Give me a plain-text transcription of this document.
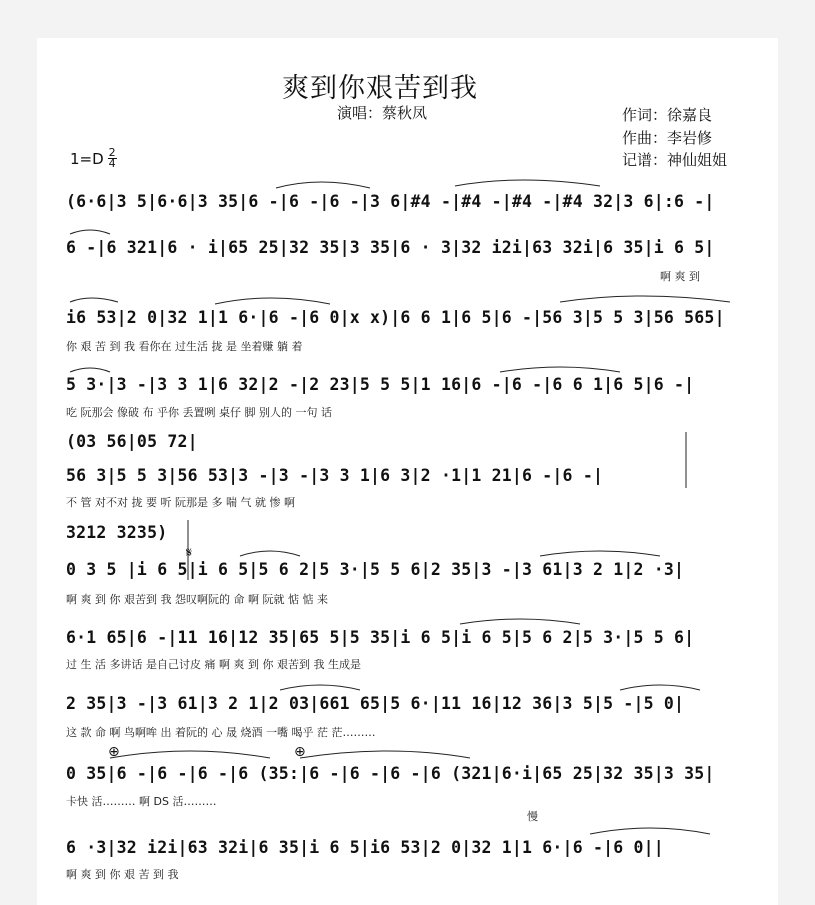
爽到你艰苦到我
演唱：蔡秋凤	作词：徐嘉良
作曲：李岩修
记谱：神仙姐姐
$1=D \frac{2}{4}$
(6·6|3 5|6·6|3 35|6 -|6 -|6 -|3 6|#4 -|#4 -|#4 -|#4 32|3 6|:6 -|
6 -|6 321|6 · i|65 25|32 35|3 35|6 · 3|32 i2i|63 32i|6 35|i 6 5|
啊 爽 到
i6 53|2 0|32 1|1 6·|6 -|6 0|x x)|6 6 1|6 5|6 -|56 3|5 5 3|56 565|
你 艰 苦 到 我 看你在 过生活 拢 是 坐着赚 躺 着
5 3·|3 -|3 3 1|6 32|2 -|2 23|5 5 5|1 16|6 -|6 -|6 6 1|6 5|6 -|
吃 阮那会 像破 布 乎你 丢置咧 桌仔 脚 别人的 一句 话
(03 56|05 72|
56 3|5 5 3|56 53|3 -|3 -|3 3 1|6 3|2 ·1|1 21|6 -|6 -|
不 管 对不对 拢 要 听 阮那是 多 喘 气 就 惨 啊
3212 3235)
0 3 5 |i 6 5|i 6 5|5 6 2|5 3·|5 5 6|2 35|3 -|3 61|3 2 1|2 ·3|
啊 爽 到 你 艰苦到 我 怨叹啊阮的 命 啊 阮就 惦 惦 来
𝄋
6·1 65|6 -|11 16|12 35|65 5|5 35|i 6 5|i 6 5|5 6 2|5 3·|5 5 6|
过 生 活 多讲话 是自己讨皮 痛 啊 爽 到 你 艰苦到 我 生成是
2 35|3 -|3 61|3 2 1|2 03|661 65|5 6·|11 16|12 36|3 5|5 -|5 0|
这 款 命 啊 鸟啊哞 出 着阮的 心 晟 烧酒 一嘴 喝乎 茫 茫………
0 35|6 -|6 -|6 -|6 (35:|6 -|6 -|6 -|6 (321|6·i|65 25|32 35|3 35|
卡快 活……… 啊 DS 活………
⊕	⊕
慢
6 ·3|32 i2i|63 32i|6 35|i 6 5|i6 53|2 0|32 1|1 6·|6 -|6 0||
啊 爽 到 你 艰 苦 到 我
